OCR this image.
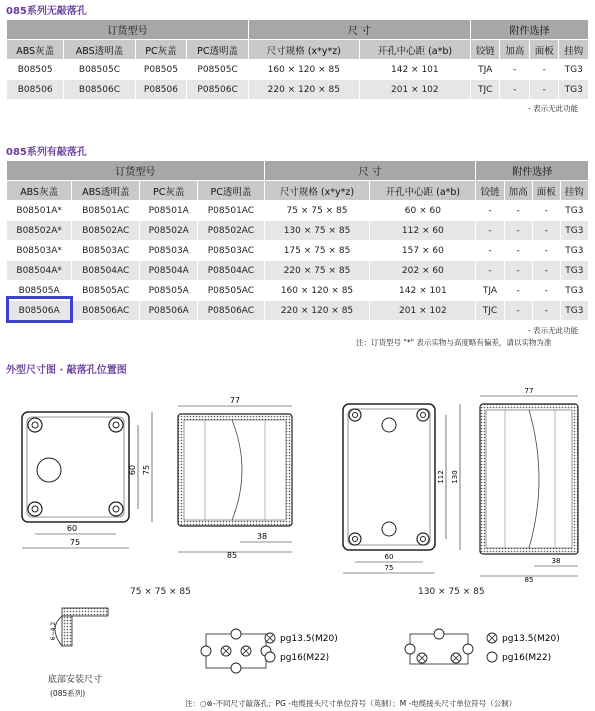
085系列无敲落孔
订货型号				尺 寸		附件选择			
ABS灰盖	ABS透明盖	PC灰盖	PC透明盖	尺寸规格 (x*y*z)	开孔中心距 (a*b)	铰链	加高	面板	挂钩
B08505	B08505C	P08505	P08505C	160 × 120 × 85	142 × 101	TJA	-	-	TG3
B08506	B08506C	P08506	P08506C	220 × 120 × 85	201 × 102	TJC	-	-	TG3
- 表示无此功能
085系列有敲落孔
订货型号				尺 寸		附件选择			
ABS灰盖	ABS透明盖	PC灰盖	PC透明盖	尺寸规格 (x*y*z)	开孔中心距 (a*b)	铰链	加高	面板	挂钩
B08501A*	B08501AC	P08501A	P08501AC	75 × 75 × 85	60 × 60	-	-	-	TG3
B08502A*	B08502AC	P08502A	P08502AC	130 × 75 × 85	112 × 60	-	-	-	TG3
B08503A*	B08503AC	P08503A	P08503AC	175 × 75 × 85	157 × 60	-	-	-	TG3
B08504A*	B08504AC	P08504A	P08504AC	220 × 75 × 85	202 × 60	-	-	-	TG3
B08505A	B08505AC	P08505A	P08505AC	160 × 120 × 85	142 × 101	TJA	-	-	TG3
B08506A	B08506AC	P08506A	P08506AC	220 × 120 × 85	201 × 102	TJC	-	-	TG3
- 表示无此功能
注：订货型号 "*" 表示实物与高度略有偏差，请以实物为准
外型尺寸图 · 敲落孔位置图
60
75
60 75
77
38
85	60
75
112 130
77
38
85
6~4.2	pg13.5(M20)
pg16(M22)
pg13.5(M20)
pg16(M22)
75 × 75 × 85	130 × 75 × 85
底部安装尺寸
(085系列)
注：○⊗-不同尺寸敲落孔；PG -电缆接头尺寸单位符号（英制）；M -电缆接头尺寸单位符号（公制）
